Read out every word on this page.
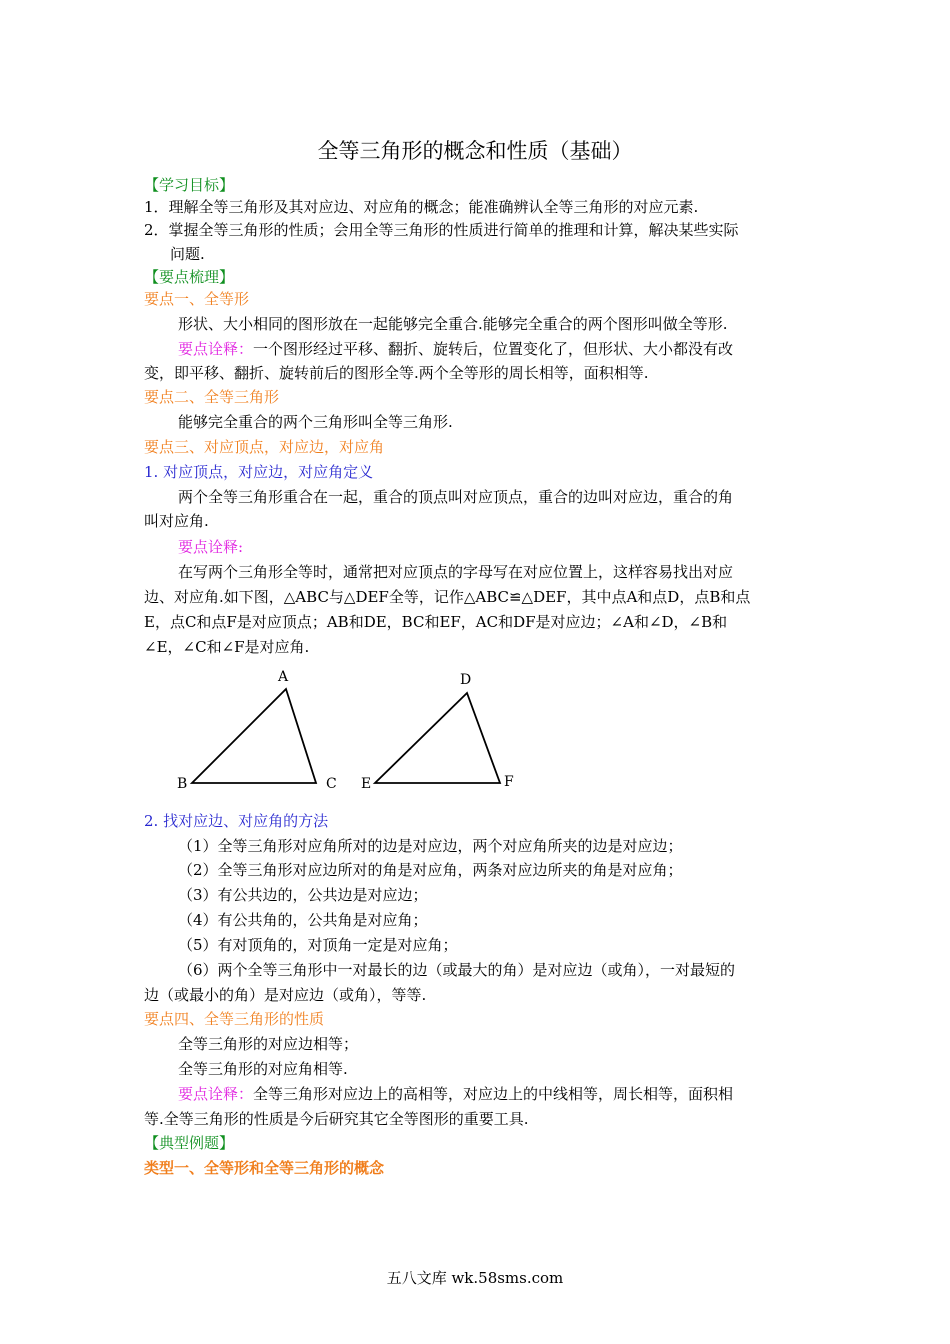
全等三角形的概念和性质（基础）
【学习目标】
1．理解全等三角形及其对应边、对应角的概念；能准确辨认全等三角形的对应元素.
2．掌握全等三角形的性质；会用全等三角形的性质进行简单的推理和计算，解决某些实际
问题.
【要点梳理】
要点一、全等形
形状、大小相同的图形放在一起能够完全重合.能够完全重合的两个图形叫做全等形.
要点诠释：一个图形经过平移、翻折、旋转后，位置变化了，但形状、大小都没有改
变，即平移、翻折、旋转前后的图形全等.两个全等形的周长相等，面积相等.
要点二、全等三角形
能够完全重合的两个三角形叫全等三角形.
要点三、对应顶点，对应边，对应角
1. 对应顶点，对应边，对应角定义
两个全等三角形重合在一起，重合的顶点叫对应顶点，重合的边叫对应边，重合的角
叫对应角.
要点诠释:
在写两个三角形全等时，通常把对应顶点的字母写在对应位置上，这样容易找出对应
边、对应角.如下图，△ABC与△DEF全等，记作△ABC≌△DEF，其中点A和点D，点B和点
E，点C和点F是对应顶点；AB和DE，BC和EF，AC和DF是对应边；∠A和∠D，∠B和
∠E，∠C和∠F是对应角.
A
B	C
D
E	F
2. 找对应边、对应角的方法
（1）全等三角形对应角所对的边是对应边，两个对应角所夹的边是对应边；
（2）全等三角形对应边所对的角是对应角，两条对应边所夹的角是对应角；
（3）有公共边的，公共边是对应边；
（4）有公共角的，公共角是对应角；
（5）有对顶角的，对顶角一定是对应角；
（6）两个全等三角形中一对最长的边（或最大的角）是对应边（或角），一对最短的
边（或最小的角）是对应边（或角），等等.
要点四、全等三角形的性质
全等三角形的对应边相等；
全等三角形的对应角相等.
要点诠释：全等三角形对应边上的高相等，对应边上的中线相等，周长相等，面积相
等.全等三角形的性质是今后研究其它全等图形的重要工具.
【典型例题】
类型一、全等形和全等三角形的概念
五八文库 wk.58sms.com
